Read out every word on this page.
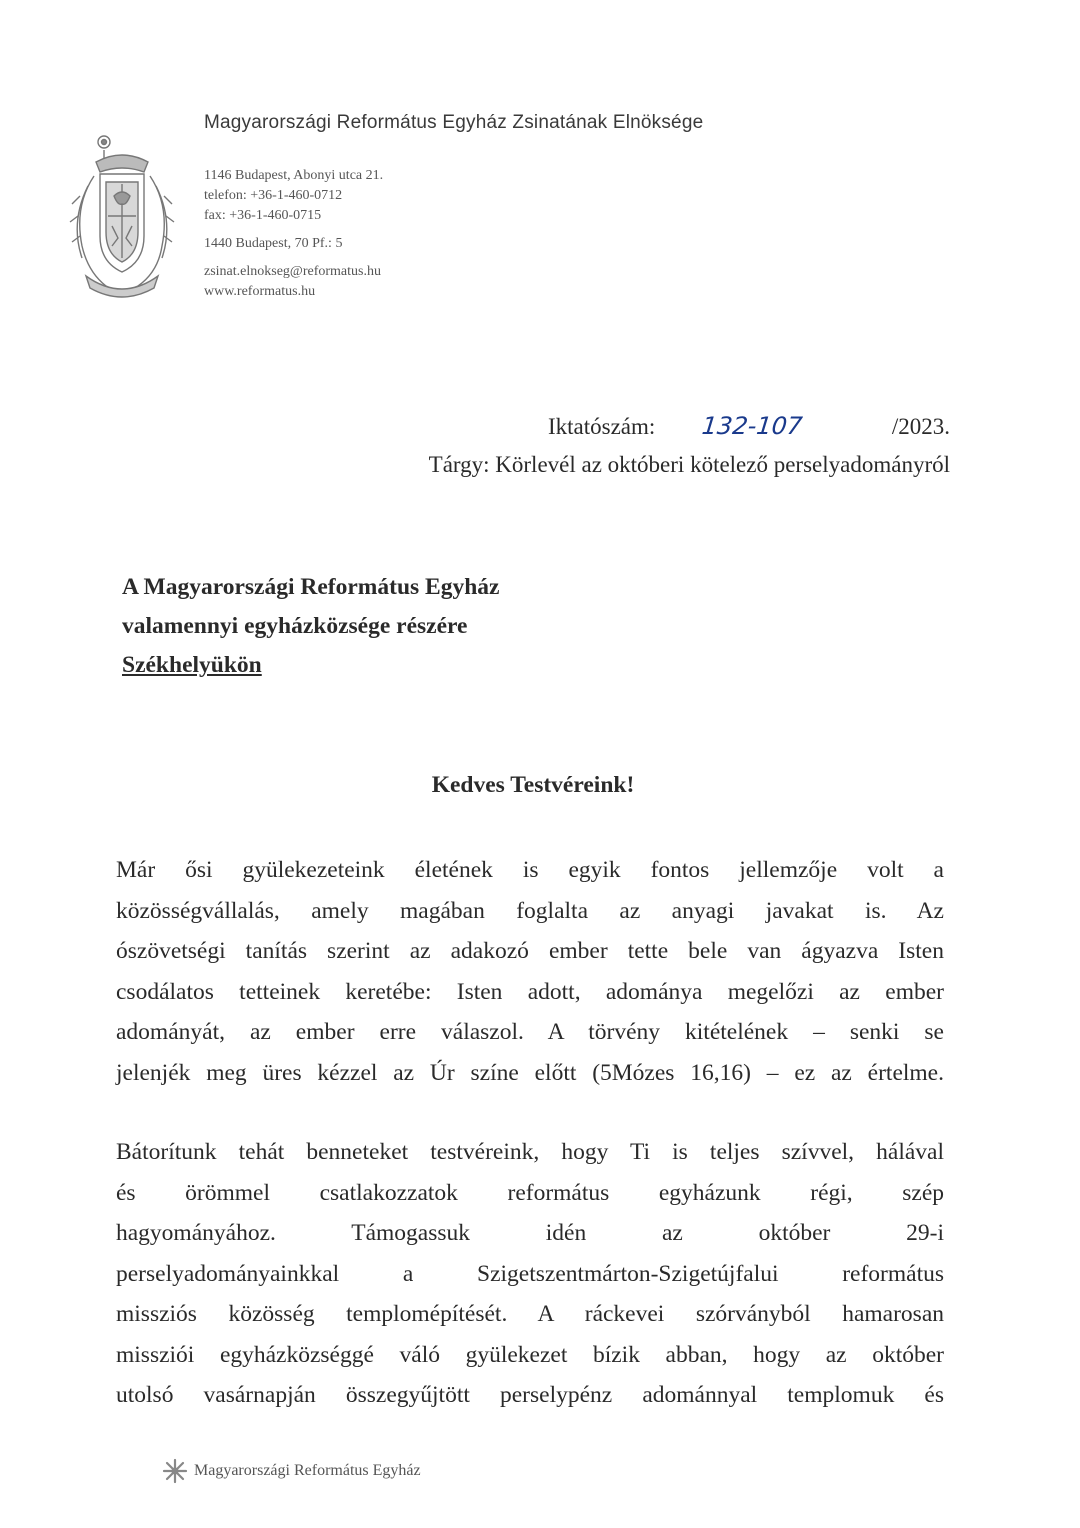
Magyarországi Református Egyház Zsinatának Elnöksége
1146 Budapest, Abonyi utca 21.
telefon: +36-1-460-0712
fax: +36-1-460-0715
1440 Budapest, 70 Pf.: 5
zsinat.elnokseg@reformatus.hu
www.reformatus.hu
Iktatószám: 132-107	/2023.
Tárgy: Körlevél az októberi kötelező perselyadományról
A Magyarországi Református Egyház
valamennyi egyházközsége részére
Székhelyükön
Kedves Testvéreink!
Már ősi gyülekezeteink életének is egyik fontos jellemzője volt a
közösségvállalás, amely magában foglalta az anyagi javakat is. Az
ószövetségi tanítás szerint az adakozó ember tette bele van ágyazva Isten
csodálatos tetteinek keretébe: Isten adott, adománya megelőzi az ember
adományát, az ember erre válaszol. A törvény kitételének – senki se
jelenjék meg üres kézzel az Úr színe előtt (5Mózes 16,16) – ez az értelme.
Bátorítunk tehát benneteket testvéreink, hogy Ti is teljes szívvel, hálával
és örömmel csatlakozzatok református egyházunk régi, szép
hagyományához. Támogassuk idén az október 29-i
perselyadományainkkal a Szigetszentmárton-Szigetújfalui református
missziós közösség templomépítését. A ráckevei szórványból hamarosan
missziói egyházközséggé váló gyülekezet bízik abban, hogy az október
utolsó vasárnapján összegyűjtött perselypénz adománnyal templomuk és
Magyarországi Református Egyház
